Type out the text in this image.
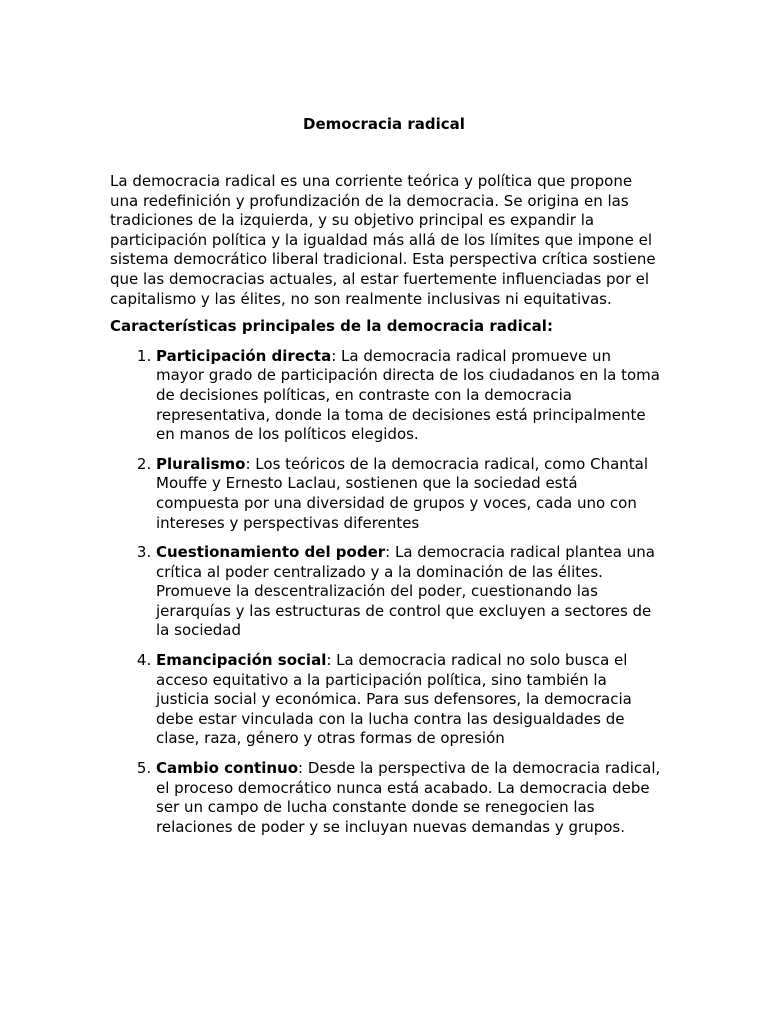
Democracia radical

La democracia radical es una corriente teórica y política que propone una redefinición y profundización de la democracia. Se origina en las tradiciones de la izquierda, y su objetivo principal es expandir la participación política y la igualdad más allá de los límites que impone el sistema democrático liberal tradicional. Esta perspectiva crítica sostiene que las democracias actuales, al estar fuertemente influenciadas por el capitalismo y las élites, no son realmente inclusivas ni equitativas.

Características principales de la democracia radical:

1. Participación directa: La democracia radical promueve un mayor grado de participación directa de los ciudadanos en la toma de decisiones políticas, en contraste con la democracia representativa, donde la toma de decisiones está principalmente en manos de los políticos elegidos.
2. Pluralismo: Los teóricos de la democracia radical, como Chantal Mouffe y Ernesto Laclau, sostienen que la sociedad está compuesta por una diversidad de grupos y voces, cada uno con intereses y perspectivas diferentes
3. Cuestionamiento del poder: La democracia radical plantea una crítica al poder centralizado y a la dominación de las élites. Promueve la descentralización del poder, cuestionando las jerarquías y las estructuras de control que excluyen a sectores de la sociedad
4. Emancipación social: La democracia radical no solo busca el acceso equitativo a la participación política, sino también la justicia social y económica. Para sus defensores, la democracia debe estar vinculada con la lucha contra las desigualdades de clase, raza, género y otras formas de opresión
5. Cambio continuo: Desde la perspectiva de la democracia radical, el proceso democrático nunca está acabado. La democracia debe ser un campo de lucha constante donde se renegocien las relaciones de poder y se incluyan nuevas demandas y grupos.
